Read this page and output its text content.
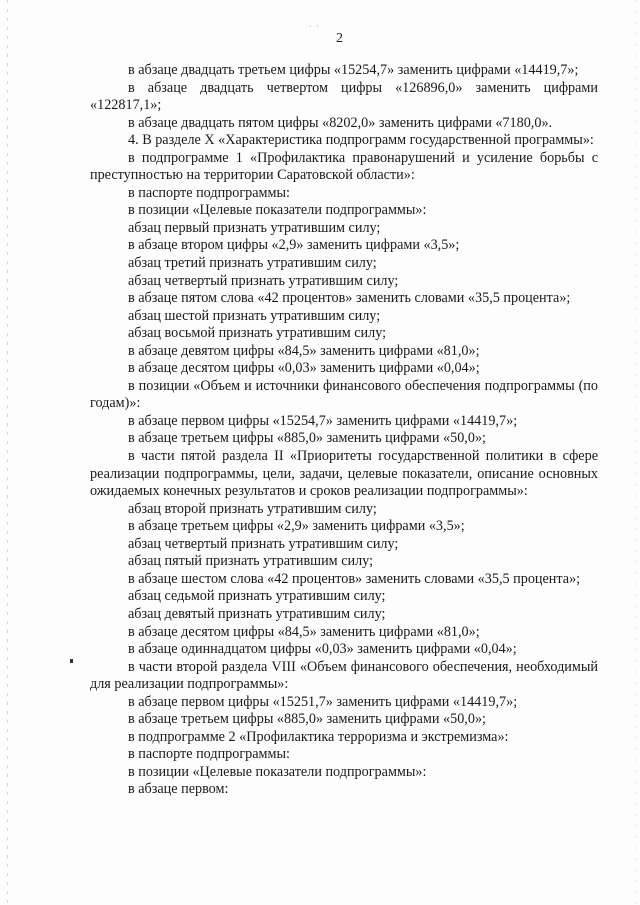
· ·
2

в абзаце двадцать третьем цифры «15254,7» заменить цифрами «14419,7»;

в абзаце двадцать четвертом цифры «126896,0» заменить цифрами «122817,1»;

в абзаце двадцать пятом цифры «8202,0» заменить цифрами «7180,0».

4. В разделе X «Характеристика подпрограмм государственной программы»:

в подпрограмме 1 «Профилактика правонарушений и усиление борьбы с преступностью на территории Саратовской области»:

в паспорте подпрограммы:

в позиции «Целевые показатели подпрограммы»:

абзац первый признать утратившим силу;

в абзаце втором цифры «2,9» заменить цифрами «3,5»;

абзац третий признать утратившим силу;

абзац четвертый признать утратившим силу;

в абзаце пятом слова «42 процентов» заменить словами «35,5 процента»;

абзац шестой признать утратившим силу;

абзац восьмой признать утратившим силу;

в абзаце девятом цифры «84,5» заменить цифрами «81,0»;

в абзаце десятом цифры «0,03» заменить цифрами «0,04»;

в позиции «Объем и источники финансового обеспечения подпрограммы (по годам)»:

в абзаце первом цифры «15254,7» заменить цифрами «14419,7»;

в абзаце третьем цифры «885,0» заменить цифрами «50,0»;

в части пятой раздела II «Приоритеты государственной политики в сфере реализации подпрограммы, цели, задачи, целевые показатели, описание основных ожидаемых конечных результатов и сроков реализации подпрограммы»:

абзац второй признать утратившим силу;

в абзаце третьем цифры «2,9» заменить цифрами «3,5»;

абзац четвертый признать утратившим силу;

абзац пятый признать утратившим силу;

в абзаце шестом слова «42 процентов» заменить словами «35,5 процента»;

абзац седьмой признать утратившим силу;

абзац девятый признать утратившим силу;

в абзаце десятом цифры «84,5» заменить цифрами «81,0»;

в абзаце одиннадцатом цифры «0,03» заменить цифрами «0,04»;

в части второй раздела VIII «Объем финансового обеспечения, необходимый для реализации подпрограммы»:

в абзаце первом цифры «15251,7» заменить цифрами «14419,7»;

в абзаце третьем цифры «885,0» заменить цифрами «50,0»;

в подпрограмме 2 «Профилактика терроризма и экстремизма»:

в паспорте подпрограммы:

в позиции «Целевые показатели подпрограммы»:

в абзаце первом:
